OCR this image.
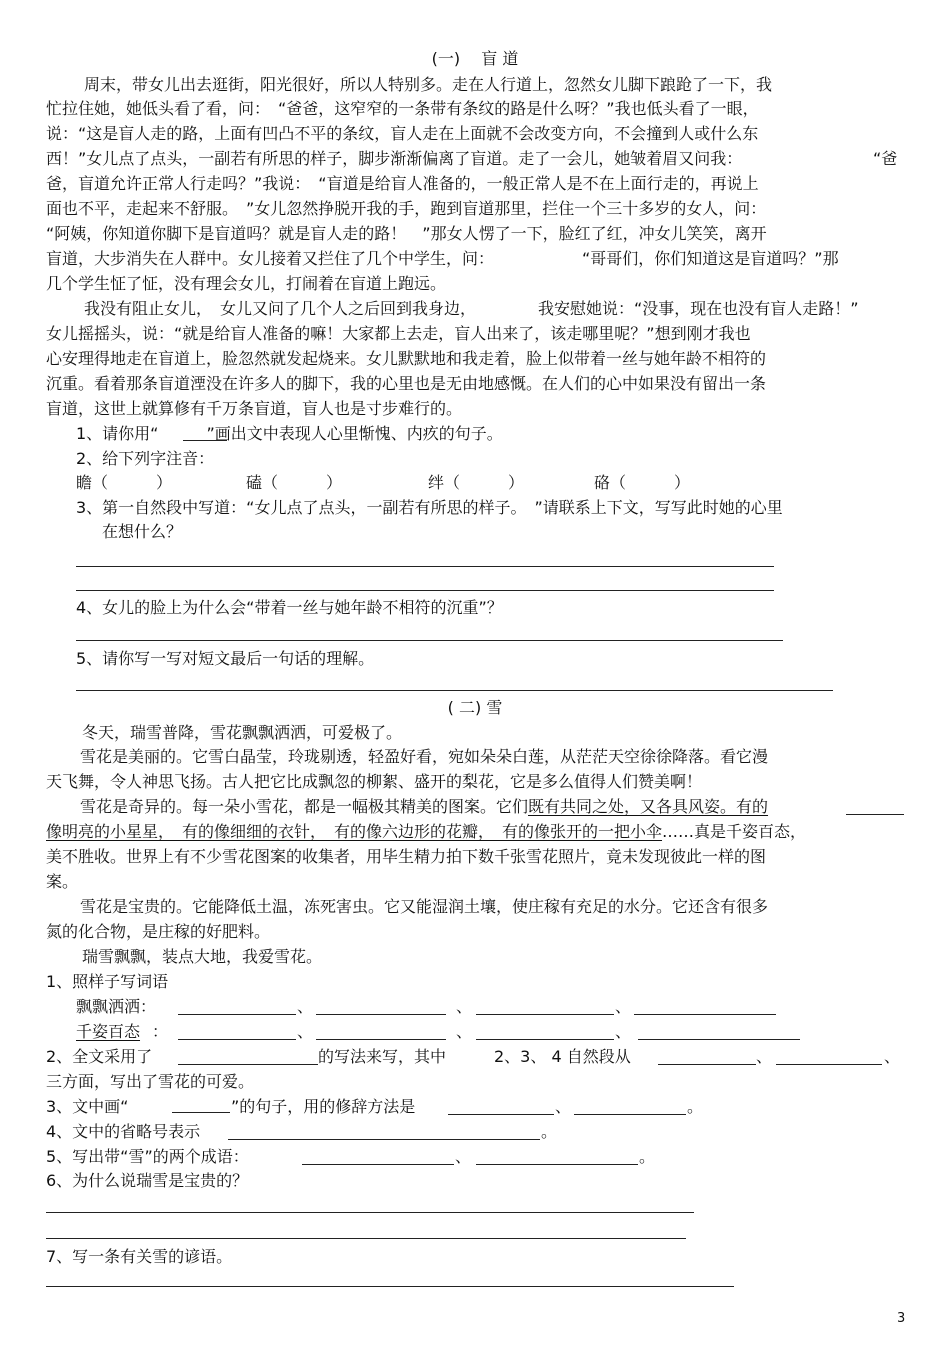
(一)　 盲 道
周末，带女儿出去逛街，阳光很好，所以人特别多。走在人行道上，忽然女儿脚下踉跄了一下，我
忙拉住她，她低头看了看，问：　“爸爸，这窄窄的一条带有条纹的路是什么呀？”我也低头看了一眼，
说：“这是盲人走的路，上面有凹凸不平的条纹，盲人走在上面就不会改变方向，不会撞到人或什么东
西！”女儿点了点头，一副若有所思的样子，脚步渐渐偏离了盲道。走了一会儿，她皱着眉又问我：	“爸
爸，盲道允许正常人行走吗？”我说：　“盲道是给盲人准备的，一般正常人是不在上面行走的，再说上
面也不平，走起来不舒服。　”女儿忽然挣脱开我的手，跑到盲道那里，拦住一个三十多岁的女人，问：
“阿姨，你知道你脚下是盲道吗？就是盲人走的路！　”那女人愣了一下，脸红了红，冲女儿笑笑，离开
盲道，大步消失在人群中。女儿接着又拦住了几个中学生，问：	“哥哥们，你们知道这是盲道吗？”那
几个学生怔了怔，没有理会女儿，打闹着在盲道上跑远。
我没有阻止女儿，　女儿又问了几个人之后回到我身边，	我安慰她说：“没事，现在也没有盲人走路！”
女儿摇摇头，说：“就是给盲人准备的嘛！大家都上去走，盲人出来了，该走哪里呢？”想到刚才我也
心安理得地走在盲道上，脸忽然就发起烧来。女儿默默地和我走着，脸上似带着一丝与她年龄不相符的
沉重。看着那条盲道湮没在许多人的脚下，我的心里也是无由地感慨。在人们的心中如果没有留出一条
盲道，这世上就算修有千万条盲道，盲人也是寸步难行的。
1、请你用“　　　”画出文中表现人心里惭愧、内疚的句子。
2、给下列字注音：
瞻（　　　）	磕（　　　）	绊（　　　）	硌（　　　）
3、第一自然段中写道：“女儿点了点头，一副若有所思的样子。　”请联系上下文，写写此时她的心里
在想什么？
4、女儿的脸上为什么会“带着一丝与她年龄不相符的沉重”？
5、请你写一写对短文最后一句话的理解。
( 二) 雪
冬天，瑞雪普降，雪花飘飘洒洒，可爱极了。
雪花是美丽的。它雪白晶莹，玲珑剔透，轻盈好看，宛如朵朵白莲，从茫茫天空徐徐降落。看它漫
天飞舞，令人神思飞扬。古人把它比成飘忽的柳絮、盛开的梨花，它是多么值得人们赞美啊！
雪花是奇异的。每一朵小雪花，都是一幅极其精美的图案。它们既有共同之处，又各具风姿。有的
像明亮的小星星，　有的像细细的衣针，　有的像六边形的花瓣，　有的像张开的一把小伞……真是千姿百态，
美不胜收。世界上有不少雪花图案的收集者，用毕生精力拍下数千张雪花照片，竟未发现彼此一样的图
案。
雪花是宝贵的。它能降低土温，冻死害虫。它又能湿润土壤，使庄稼有充足的水分。它还含有很多
氮的化合物，是庄稼的好肥料。
瑞雪飘飘，装点大地，我爱雪花。
1、照样子写词语
飘飘洒洒：	、	、	、
千姿百态 ：	、	、	、
2、全文采用了	的写法来写，其中	2、3、 4 自然段从	、	、
三方面，写出了雪花的可爱。
3、文中画“	”的句子，用的修辞方法是	、	。
4、文中的省略号表示	。
5、写出带“雪”的两个成语：	、	。
6、为什么说瑞雪是宝贵的？
7、写一条有关雪的谚语。
3
